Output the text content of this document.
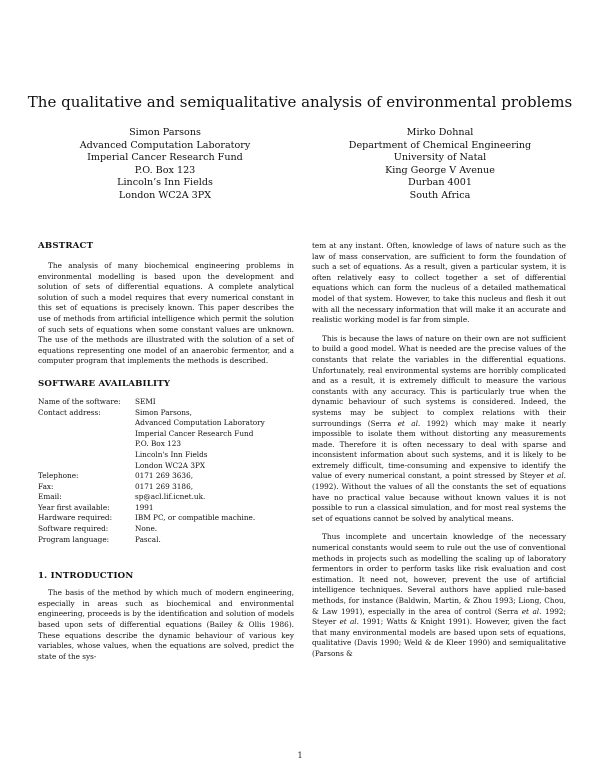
The qualitative and semiqualitative analysis of environmental problems
Simon Parsons
Advanced Computation Laboratory
Imperial Cancer Research Fund
P.O. Box 123
Lincoln’s Inn Fields
London WC2A 3PX
Mirko Dohnal
Department of Chemical Engineering
University of Natal
King George V Avenue
Durban 4001
South Africa
ABSTRACT

The analysis of many biochemical engineering problems in environmental modelling is based upon the development and solution of sets of differential equations. A complete analytical solution of such a model requires that every numerical constant in this set of equations is precisely known. This paper describes the use of methods from artificial intelligence which permit the solution of such sets of equations when some constant values are unknown. The use of the methods are illustrated with the solution of a set of equations representing one model of an anaerobic fermentor, and a computer program that implements the methods is described.

SOFTWARE AVAILABILITY
Name of the software:	SEMI
Contact address:	Simon Parsons,
	Advanced Computation Laboratory
	Imperial Cancer Research Fund
	P.O. Box 123
	Lincoln's Inn Fields
	London WC2A 3PX
Telephone:	0171 269 3636,
Fax:	0171 269 3186,
Email:	sp@acl.lif.icnet.uk.
Year first available:	1991
Hardware required:	IBM PC, or compatible machine.
Software required:	None.
Program language:	Pascal.
1. INTRODUCTION

The basis of the method by which much of modern engineering, especially in areas such as biochemical and environmental engineering, proceeds is by the identification and solution of models based upon sets of differential equations (Bailey & Ollis 1986). These equations describe the dynamic behaviour of various key variables, whose values, when the equations are solved, predict the state of the sys-

tem at any instant. Often, knowledge of laws of nature such as the law of mass conservation, are sufficient to form the foundation of such a set of equations. As a result, given a particular system, it is often relatively easy to collect together a set of differential equations which can form the nucleus of a detailed mathematical model of that system. However, to take this nucleus and flesh it out with all the necessary information that will make it an accurate and realistic working model is far from simple.

This is because the laws of nature on their own are not sufficient to build a good model. What is needed are the precise values of the constants that relate the variables in the differential equations. Unfortunately, real environmental systems are horribly complicated and as a result, it is extremely difficult to measure the various constants with any accuracy. This is particularly true when the dynamic behaviour of such systems is considered. Indeed, the systems may be subject to complex relations with their surroundings (Serra et al. 1992) which may make it nearly impossible to isolate them without distorting any measurements made. Therefore it is often necessary to deal with sparse and inconsistent information about such systems, and it is likely to be extremely difficult, time-consuming and expensive to identify the value of every numerical constant, a point stressed by Steyer et al. (1992). Without the values of all the constants the set of equations have no practical value because without known values it is not possible to run a classical simulation, and for most real systems the set of equations cannot be solved by analytical means.

Thus incomplete and uncertain knowledge of the necessary numerical constants would seem to rule out the use of conventional methods in projects such as modelling the scaling up of laboratory fermentors in order to perform tasks like risk evaluation and cost estimation. It need not, however, prevent the use of artificial intelligence techniques. Several authors have applied rule-based methods, for instance (Baldwin, Martin, & Zhou 1993; Liong, Chou, & Law 1991), especially in the area of control (Serra et al. 1992; Steyer et al. 1991; Watts & Knight 1991). However, given the fact that many environmental models are based upon sets of equations, qualitative (Davis 1990; Weld & de Kleer 1990) and semiqualitative (Parsons &

1
